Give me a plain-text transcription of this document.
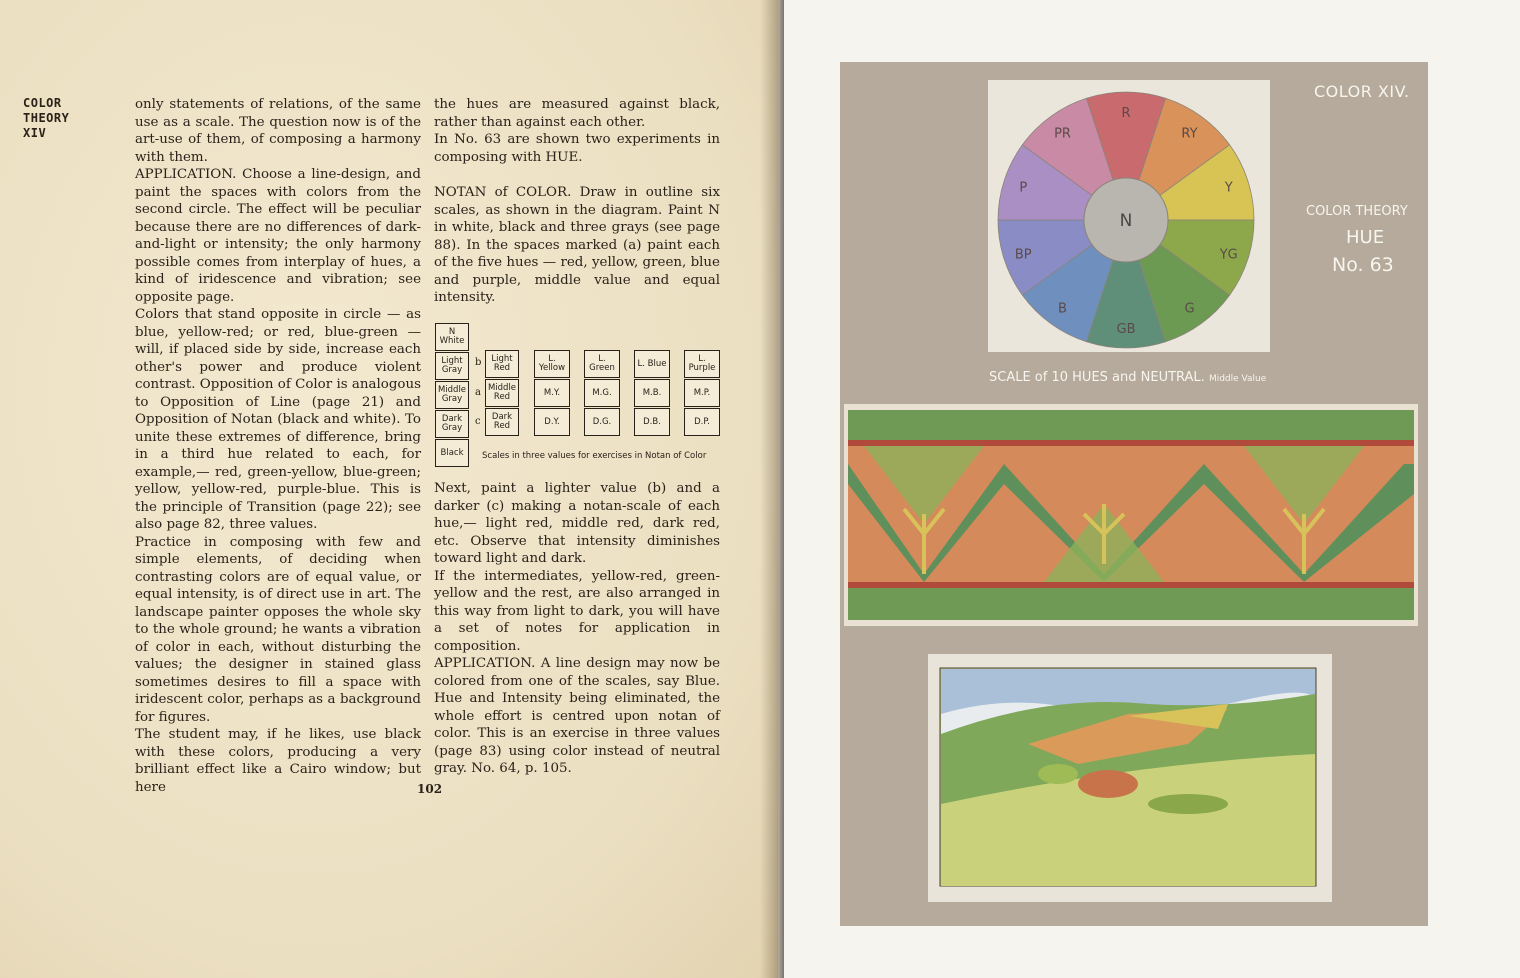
COLOR
THEORY
XIV

only statements of relations, of the same use as a scale. The question now is of the art-use of them, of composing a harmony with them.

APPLICATION. Choose a line-design, and paint the spaces with colors from the second circle. The effect will be peculiar because there are no differences of dark-and-light or intensity; the only harmony possible comes from interplay of hues, a kind of iridescence and vibration; see opposite page.

Colors that stand opposite in circle — as blue, yellow-red; or red, blue-green — will, if placed side by side, increase each other's power and produce violent contrast. Opposition of Color is analogous to Opposition of Line (page 21) and Opposition of Notan (black and white). To unite these extremes of difference, bring in a third hue related to each, for example,— red, green-yellow, blue-green; yellow, yellow-red, purple-blue. This is the principle of Transition (page 22); see also page 82, three values.

Practice in composing with few and simple elements, of deciding when contrasting colors are of equal value, or equal intensity, is of direct use in art. The landscape painter opposes the whole sky to the whole ground; he wants a vibration of color in each, without disturbing the values; the designer in stained glass sometimes desires to fill a space with iridescent color, perhaps as a background for figures.

The student may, if he likes, use black with these colors, producing a very brilliant effect like a Cairo window; but here

the hues are measured against black, rather than against each other.

In No. 63 are shown two experiments in composing with HUE.

NOTAN of COLOR. Draw in outline six scales, as shown in the diagram. Paint N in white, black and three grays (see page 88). In the spaces marked (a) paint each of the five hues — red, yellow, green, blue and purple, middle value and equal intensity.

N White
Light Gray
Middle Gray
Dark Gray
Black
b
a
c
Light Red
Middle Red
Dark Red
L. Yellow
M.Y.
D.Y.
L. Green
M.G.
D.G.
L. Blue
M.B.
D.B.
L. Purple
M.P.
D.P.
Scales in three values for exercises in Notan of Color

Next, paint a lighter value (b) and a darker (c) making a notan-scale of each hue,— light red, middle red, dark red, etc. Observe that intensity diminishes toward light and dark.

If the intermediates, yellow-red, green-yellow and the rest, are also arranged in this way from light to dark, you will have a set of notes for application in composition.

APPLICATION. A line design may now be colored from one of the scales, say Blue. Hue and Intensity being eliminated, the whole effort is centred upon notan of color. This is an exercise in three values (page 83) using color instead of neutral gray. No. 64, p. 105.

102
R
RY
Y
YG
G
GB
B
BP
P
PR
N
COLOR XIV.
COLOR THEORY
HUE
No. 63
SCALE of 10 HUES and NEUTRAL. Middle Value
